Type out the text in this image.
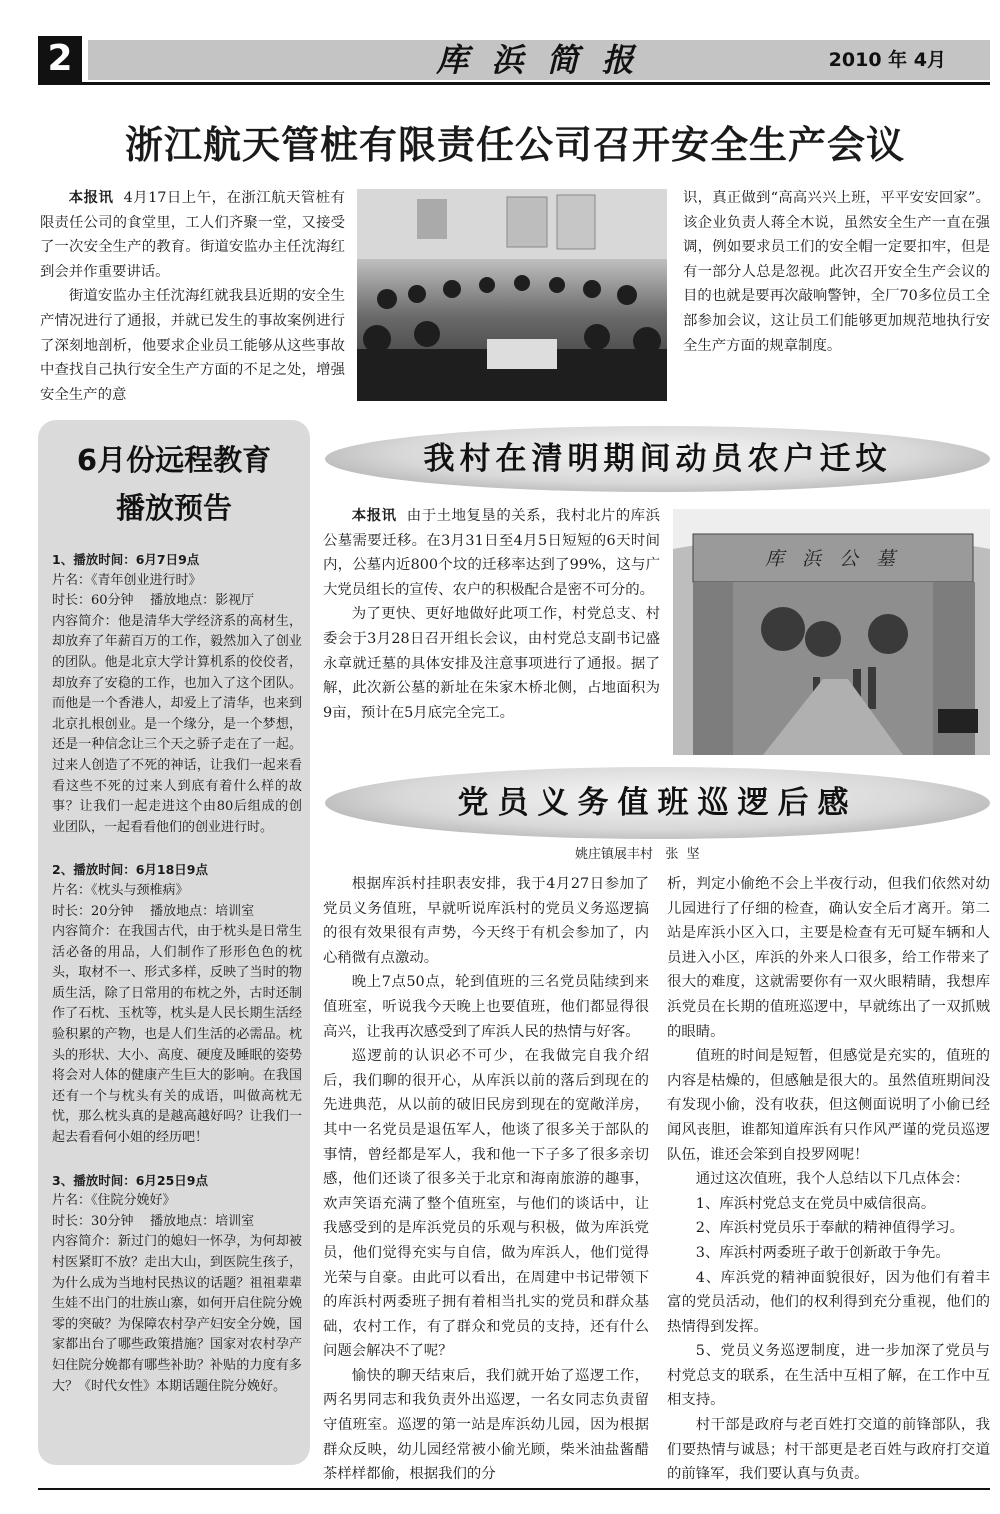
2	库 浜 简 报	2010 年 4月
浙江航天管桩有限责任公司召开安全生产会议

本报讯 4月17日上午，在浙江航天管桩有限责任公司的食堂里，工人们齐聚一堂，又接受了一次安全生产的教育。街道安监办主任沈海红到会并作重要讲话。

街道安监办主任沈海红就我县近期的安全生产情况进行了通报，并就已发生的事故案例进行了深刻地剖析，他要求企业员工能够从这些事故中查找自己执行安全生产方面的不足之处，增强安全生产的意

识，真正做到“高高兴兴上班，平平安安回家”。该企业负责人蒋全木说，虽然安全生产一直在强调，例如要求员工们的安全帽一定要扣牢，但是有一部分人总是忽视。此次召开安全生产会议的目的也就是要再次敲响警钟，全厂70多位员工全部参加会议，这让员工们能够更加规范地执行安全生产方面的规章制度。

6月份远程教育
播放预告
1、播放时间：6月7日9点
片名：《青年创业进行时》
时长：60分钟    播放地点：影视厅
内容简介：他是清华大学经济系的高材生，却放弃了年薪百万的工作，毅然加入了创业的团队。他是北京大学计算机系的佼佼者，却放弃了安稳的工作，也加入了这个团队。而他是一个香港人，却爱上了清华，也来到北京扎根创业。是一个缘分，是一个梦想，还是一种信念让三个天之骄子走在了一起。过来人创造了不死的神话，让我们一起来看看这些不死的过来人到底有着什么样的故事？让我们一起走进这个由80后组成的创业团队，一起看看他们的创业进行时。
2、播放时间：6月18日9点
片名：《枕头与颈椎病》
时长：20分钟    播放地点：培训室
内容简介：在我国古代，由于枕头是日常生活必备的用品，人们制作了形形色色的枕头，取材不一、形式多样，反映了当时的物质生活，除了日常用的布枕之外，古时还制作了石枕、玉枕等，枕头是人民长期生活经验积累的产物，也是人们生活的必需品。枕头的形状、大小、高度、硬度及睡眠的姿势将会对人体的健康产生巨大的影响。在我国还有一个与枕头有关的成语，叫做高枕无忧，那么枕头真的是越高越好吗？让我们一起去看看何小姐的经历吧！
3、播放时间：6月25日9点
片名：《住院分娩好》
时长：30分钟    播放地点：培训室
内容简介：新过门的媳妇一怀孕，为何却被村医紧盯不放？走出大山，到医院生孩子，为什么成为当地村民热议的话题？祖祖辈辈生娃不出门的壮族山寨，如何开启住院分娩零的突破？为保障农村孕产妇安全分娩，国家都出台了哪些政策措施？国家对农村孕产妇住院分娩都有哪些补助？补贴的力度有多大？《时代女性》本期话题住院分娩好。
我村在清明期间动员农户迁坟

本报讯 由于土地复垦的关系，我村北片的库浜公墓需要迁移。在3月31日至4月5日短短的6天时间内，公墓内近800个坟的迁移率达到了99%，这与广大党员组长的宣传、农户的积极配合是密不可分的。

为了更快、更好地做好此项工作，村党总支、村委会于3月28日召开组长会议，由村党总支副书记盛永章就迁墓的具体安排及注意事项进行了通报。据了解，此次新公墓的新址在朱家木桥北侧，占地面积为9亩，预计在5月底完全完工。

库 浜 公 墓
党员义务值班巡逻后感
姚庄镇展丰村   张  坚

根据库浜村挂职表安排，我于4月27日参加了党员义务值班，早就听说库浜村的党员义务巡逻搞的很有效果很有声势，今天终于有机会参加了，内心稍微有点激动。

晚上7点50点，轮到值班的三名党员陆续到来值班室，听说我今天晚上也要值班，他们都显得很高兴，让我再次感受到了库浜人民的热情与好客。

巡逻前的认识必不可少，在我做完自我介绍后，我们聊的很开心，从库浜以前的落后到现在的先进典范，从以前的破旧民房到现在的宽敞洋房，其中一名党员是退伍军人，他谈了很多关于部队的事情，曾经都是军人，我和他一下子多了很多亲切感，他们还谈了很多关于北京和海南旅游的趣事，欢声笑语充满了整个值班室，与他们的谈话中，让我感受到的是库浜党员的乐观与积极，做为库浜党员，他们觉得充实与自信，做为库浜人，他们觉得光荣与自豪。由此可以看出，在周建中书记带领下的库浜村两委班子拥有着相当扎实的党员和群众基础，农村工作，有了群众和党员的支持，还有什么问题会解决不了呢？

愉快的聊天结束后，我们就开始了巡逻工作，两名男同志和我负责外出巡逻，一名女同志负责留守值班室。巡逻的第一站是库浜幼儿园，因为根据群众反映，幼儿园经常被小偷光顾，柴米油盐酱醋茶样样都偷，根据我们的分

析，判定小偷绝不会上半夜行动，但我们依然对幼儿园进行了仔细的检查，确认安全后才离开。第二站是库浜小区入口，主要是检查有无可疑车辆和人员进入小区，库浜的外来人口很多，给工作带来了很大的难度，这就需要你有一双火眼精睛，我想库浜党员在长期的值班巡逻中，早就练出了一双抓贼的眼睛。

值班的时间是短暂，但感觉是充实的，值班的内容是枯燥的，但感触是很大的。虽然值班期间没有发现小偷，没有收获，但这侧面说明了小偷已经闻风丧胆，谁都知道库浜有只作风严谨的党员巡逻队伍，谁还会笨到自投罗网呢！

通过这次值班，我个人总结以下几点体会：

1、库浜村党总支在党员中威信很高。

2、库浜村党员乐于奉献的精神值得学习。

3、库浜村两委班子敢于创新敢于争先。

4、库浜党的精神面貌很好，因为他们有着丰富的党员活动，他们的权利得到充分重视，他们的热情得到发挥。

5、党员义务巡逻制度，进一步加深了党员与村党总支的联系，在生活中互相了解，在工作中互相支持。

村干部是政府与老百姓打交道的前锋部队，我们要热情与诚恳；村干部更是老百姓与政府打交道的前锋军，我们要认真与负责。
